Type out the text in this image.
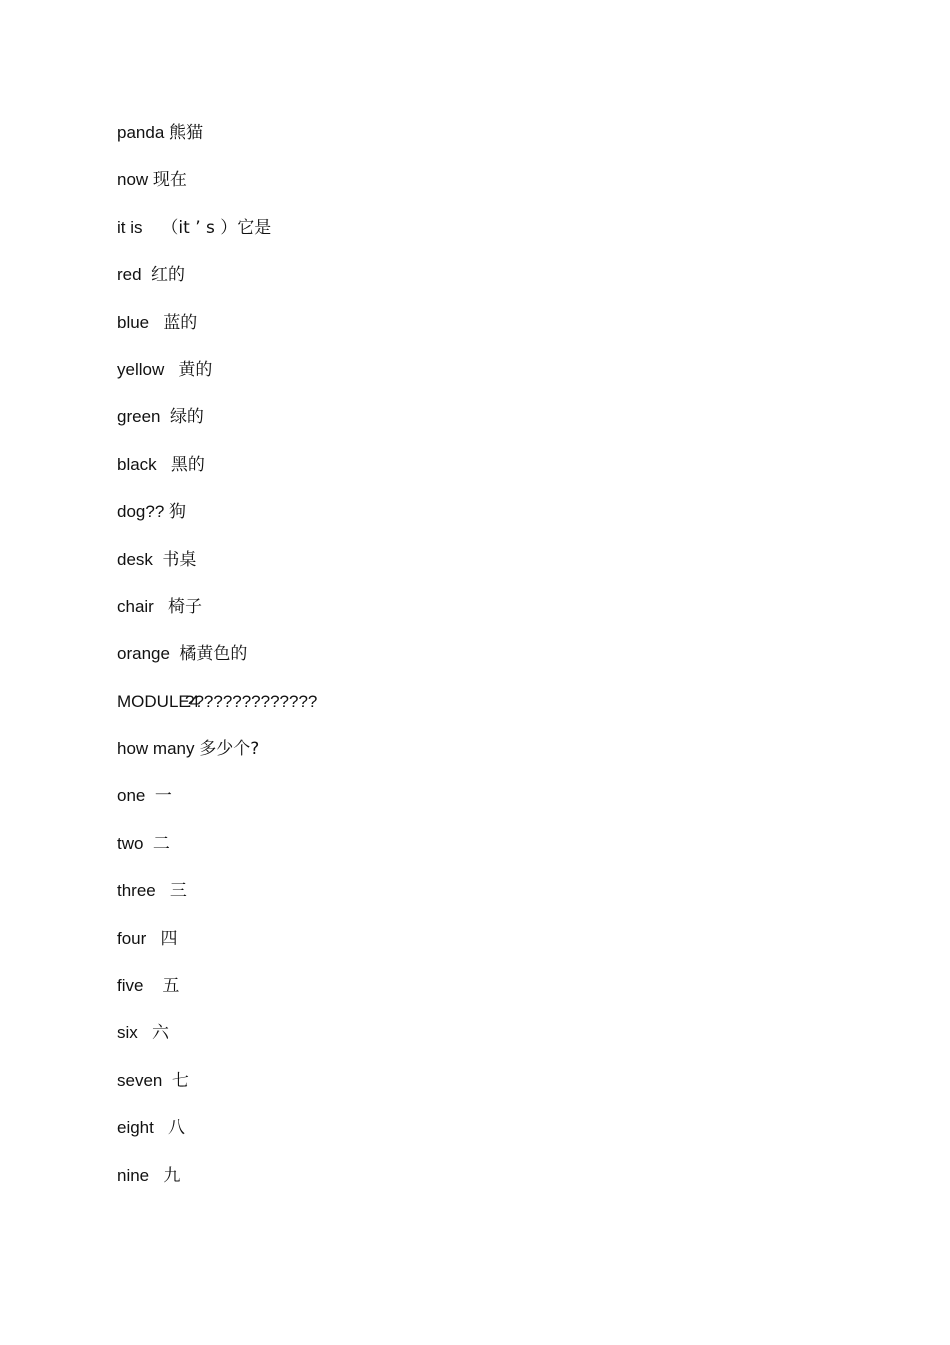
panda 熊猫
now 现在
it is （it ’ s ）它是
red 红的
blue 蓝的
yellow 黄的
green 绿的
black 黑的
dog?? 狗
desk 书桌
chair 椅子
orange 橘黄色的
MODULE4
??????????????
how many 多少个?
one 一
two 二
three 三
four 四
five 五
six 六
seven 七
eight 八
nine 九
